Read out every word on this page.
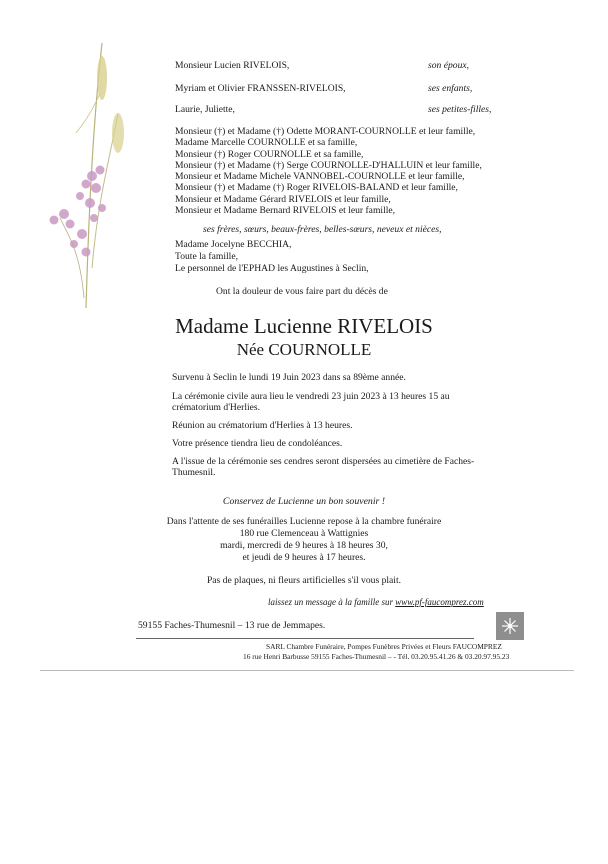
Monsieur Lucien RIVELOIS,	son époux,
Myriam et Olivier FRANSSEN-RIVELOIS,	ses enfants,
Laurie, Juliette,	ses petites-filles,
Monsieur (†) et Madame (†) Odette MORANT-COURNOLLE et leur famille,
Madame Marcelle COURNOLLE et sa famille,
Monsieur (†) Roger COURNOLLE et sa famille,
Monsieur (†) et Madame (†) Serge COURNOLLE-D'HALLUIN et leur famille,
Monsieur et Madame Michele VANNOBEL-COURNOLLE et leur famille,
Monsieur (†) et Madame (†) Roger RIVELOIS-BALAND et leur famille,
Monsieur et Madame Gérard RIVELOIS et leur famille,
Monsieur et Madame Bernard RIVELOIS et leur famille,
ses frères, sœurs, beaux-frères, belles-sœurs, neveux et nièces,
Madame Jocelyne BECCHIA,
Toute la famille,
Le personnel de l'EPHAD les Augustines à Seclin,
Ont la douleur de vous faire part du décès de
Madame Lucienne RIVELOIS
Née COURNOLLE
Survenu à Seclin le lundi 19 Juin 2023 dans sa 89ème année.
La cérémonie civile aura lieu le vendredi 23 juin 2023 à 13 heures 15 au
crématorium d'Herlies.
Réunion au crématorium d'Herlies à 13 heures.
Votre présence tiendra lieu de condoléances.
A l'issue de la cérémonie ses cendres seront dispersées au cimetière de Faches-
Thumesnil.
Conservez de Lucienne un bon souvenir !
Dans l'attente de ses funérailles Lucienne repose à la chambre funéraire
180 rue Clemenceau à Wattignies
mardi, mercredi de 9 heures à 18 heures 30,
et jeudi de 9 heures à 17 heures.
Pas de plaques, ni fleurs artificielles s'il vous plait.
laissez un message à la famille sur www.pf-faucomprez.com
59155 Faches-Thumesnil – 13 rue de Jemmapes.
SARL Chambre Funéraire, Pompes Funèbres Privées et Fleurs FAUCOMPREZ
16 rue Henri Barbusse 59155 Faches-Thumesnil – - Tél. 03.20.95.41.26 & 03.20.97.95.23
